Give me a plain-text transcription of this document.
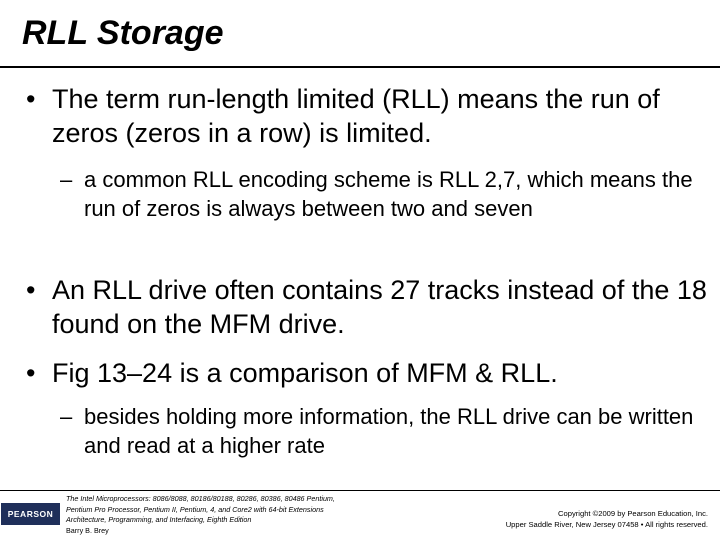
RLL Storage
• The term run-length limited (RLL) means the run of zeros (zeros in a row) is limited.
– a common RLL encoding scheme is RLL 2,7, which means the run of zeros is always between two and seven
• An RLL drive often contains 27 tracks instead of the 18 found on the MFM drive.
• Fig 13–24 is a comparison of MFM & RLL.
– besides holding more information, the RLL drive can be written and read at a higher rate
PEARSON
The Intel Microprocessors: 8086/8088, 80186/80188, 80286, 80386, 80486 Pentium,
Pentium Pro Processor, Pentium II, Pentium, 4, and Core2 with 64-bit Extensions
Architecture, Programming, and Interfacing, Eighth Edition
Barry B. Brey
Copyright ©2009 by Pearson Education, Inc.
Upper Saddle River, New Jersey 07458 • All rights reserved.
